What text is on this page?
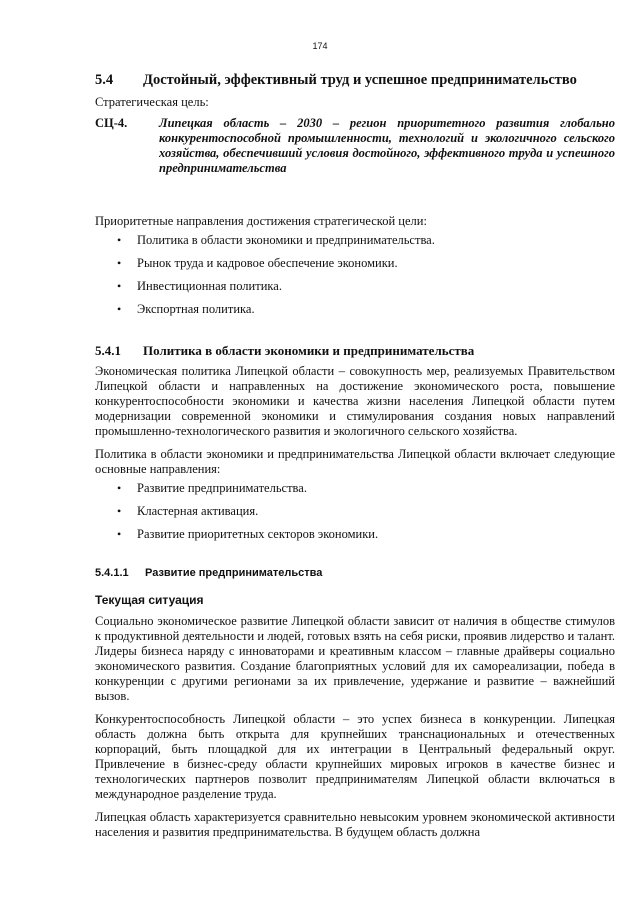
174
5.4	Достойный, эффективный труд и успешное предпринимательство
Стратегическая цель:
СЦ-4.	Липецкая область – 2030 – регион приоритетного развития глобально конкурентоспособной промышленности, технологий и экологичного сельского хозяйства, обеспечивший условия достойного, эффективного труда и успешного предпринимательства
Приоритетные направления достижения стратегической цели:
• Политика в области экономики и предпринимательства.
• Рынок труда и кадровое обеспечение экономики.
• Инвестиционная политика.
• Экспортная политика.
5.4.1	Политика в области экономики и предпринимательства
Экономическая политика Липецкой области – совокупность мер, реализуемых Правительством Липецкой области и направленных на достижение экономического роста, повышение конкурентоспособности экономики и качества жизни населения Липецкой области путем модернизации современной экономики и стимулирования создания новых направлений промышленно-технологического развития и экологичного сельского хозяйства.
Политика в области экономики и предпринимательства Липецкой области включает следующие основные направления:
• Развитие предпринимательства.
• Кластерная активация.
• Развитие приоритетных секторов экономики.
5.4.1.1	Развитие предпринимательства
Текущая ситуация
Социально экономическое развитие Липецкой области зависит от наличия в обществе стимулов к продуктивной деятельности и людей, готовых взять на себя риски, проявив лидерство и талант. Лидеры бизнеса наряду с инноваторами и креативным классом – главные драйверы социально экономического развития. Создание благоприятных условий для их самореализации, победа в конкуренции с другими регионами за их привлечение, удержание и развитие – важнейший вызов.
Конкурентоспособность Липецкой области – это успех бизнеса в конкуренции. Липецкая область должна быть открыта для крупнейших транснациональных и отечественных корпораций, быть площадкой для их интеграции в Центральный федеральный округ. Привлечение в бизнес-среду области крупнейших мировых игроков в качестве бизнес и технологических партнеров позволит предпринимателям Липецкой области включаться в международное разделение труда.
Липецкая область характеризуется сравнительно невысоким уровнем экономической активности населения и развития предпринимательства. В будущем область должна
